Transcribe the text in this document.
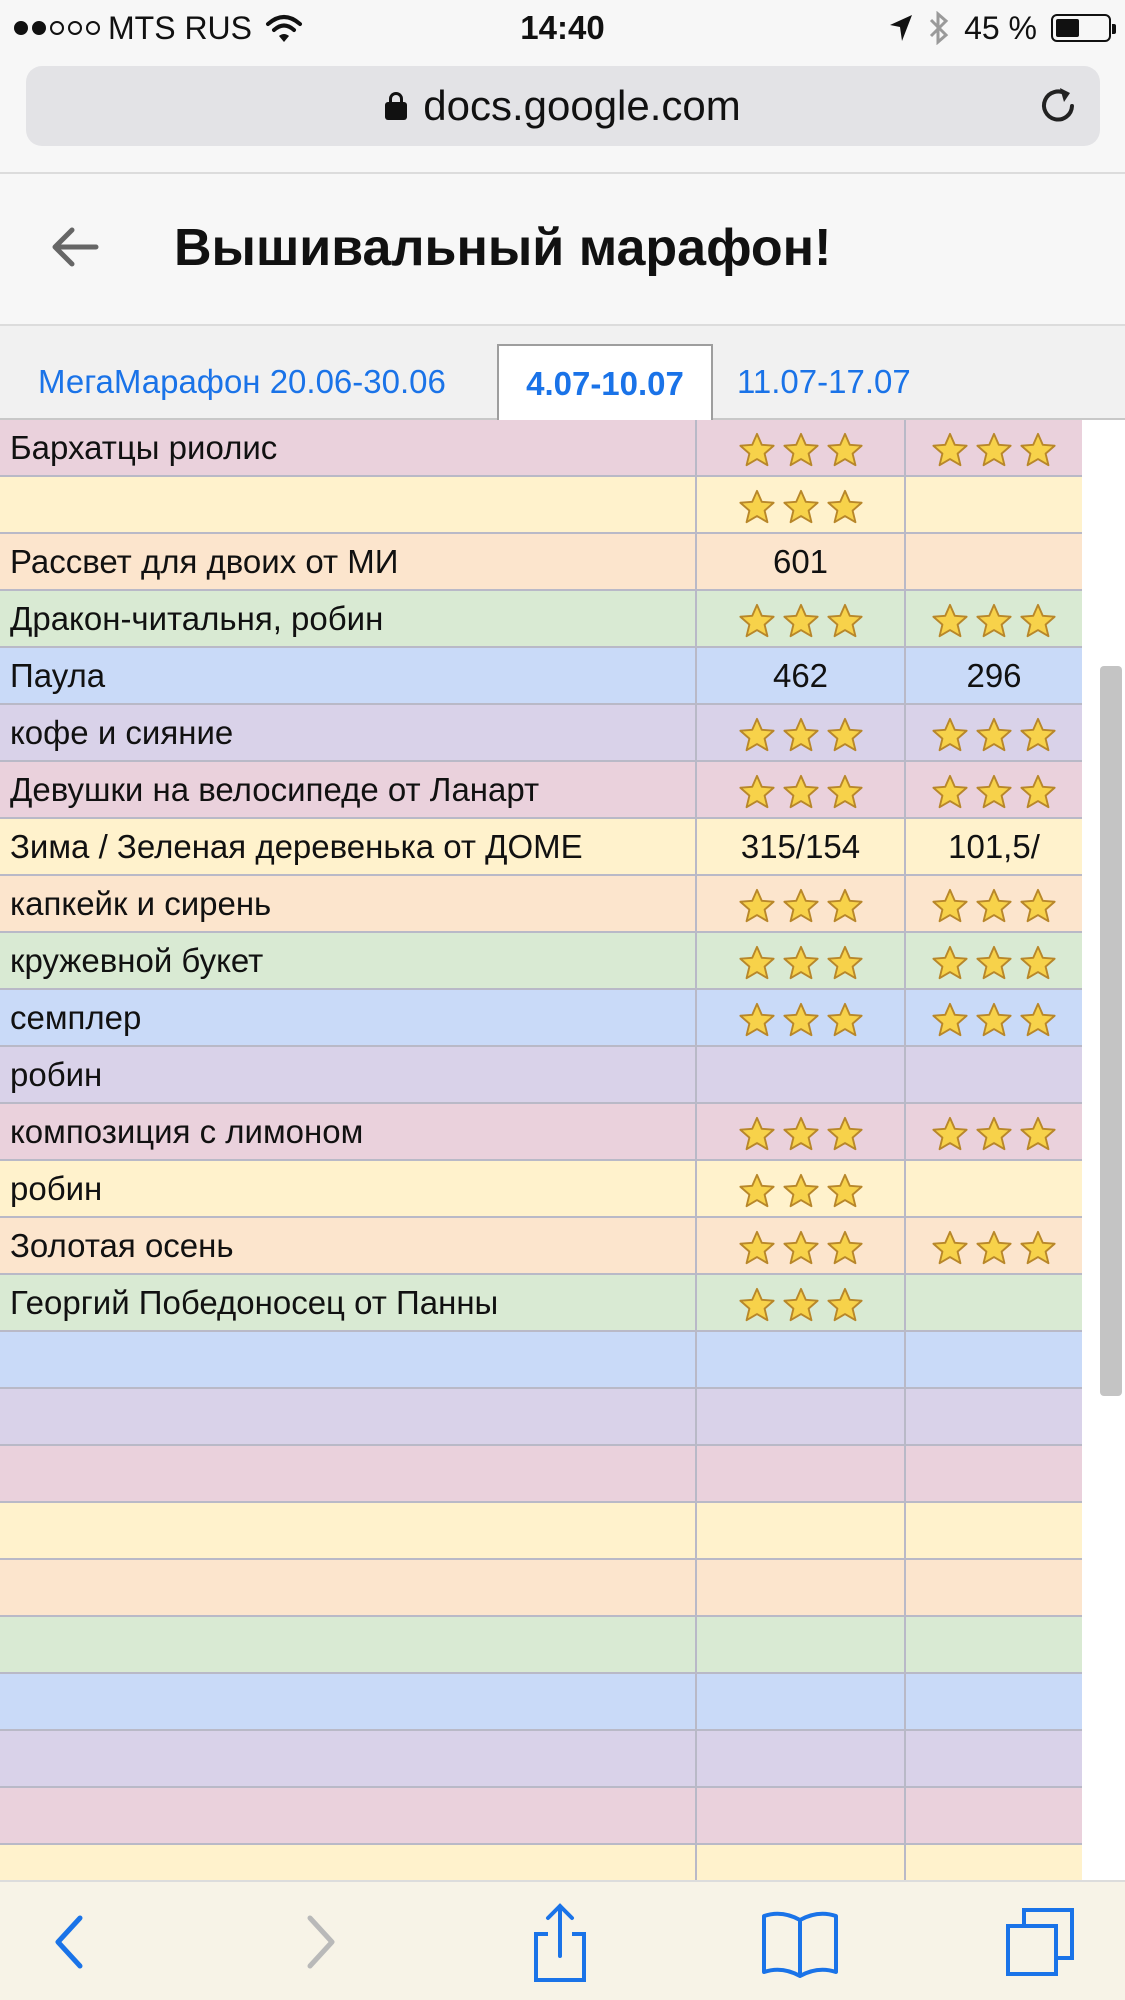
MTS RUS	14:40	45 %
docs.google.com
Вышивальный марафон!
МегаМарафон 20.06-30.06	4.07-10.07	11.07-17.07
Бархатцы риолис
Рассвет для двоих от МИ	601
Дракон-читальня, робин
Паула	462	296
кофе и сияние
Девушки на велосипеде от Ланарт
Зима / Зеленая деревенька от ДОМЕ	315/154	101,5/
капкейк и сирень
кружевной букет
семплер
робин
композиция с лимоном
робин
Золотая осень
Георгий Победоносец от Панны
